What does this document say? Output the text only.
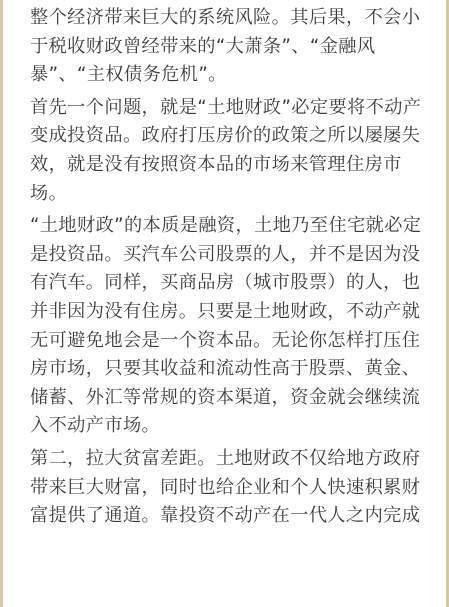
整个经济带来巨大的系统风险。其后果，不会小
于税收财政曾经带来的“大萧条”、“金融风
暴”、“主权债务危机”。

首先一个问题，就是“土地财政”必定要将不动产
变成投资品。政府打压房价的政策之所以屡屡失
效，就是没有按照资本品的市场来管理住房市
场。

“土地财政”的本质是融资，土地乃至住宅就必定
是投资品。买汽车公司股票的人，并不是因为没
有汽车。同样，买商品房（城市股票）的人，也
并非因为没有住房。只要是土地财政，不动产就
无可避免地会是一个资本品。无论你怎样打压住
房市场，只要其收益和流动性高于股票、黄金、
储蓄、外汇等常规的资本渠道，资金就会继续流
入不动产市场。

第二，拉大贫富差距。土地财政不仅给地方政府
带来巨大财富，同时也给企业和个人快速积累财
富提供了通道。靠投资不动产在一代人之内完成
